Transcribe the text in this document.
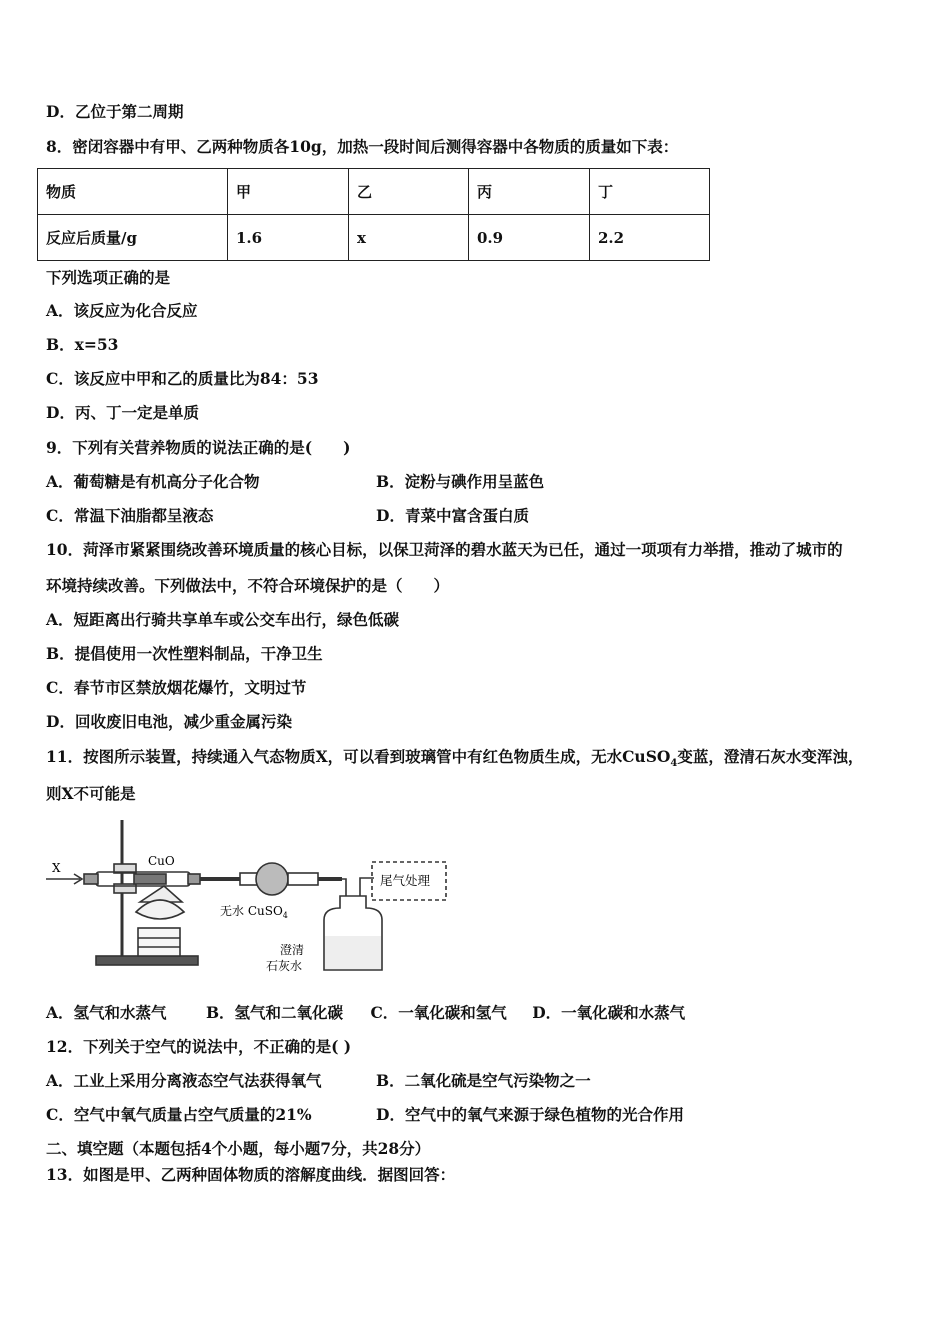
D．乙位于第二周期
8．密闭容器中有甲、乙两种物质各10g，加热一段时间后测得容器中各物质的质量如下表：
物质	甲	乙	丙	丁
反应后质量/g	1.6	x	0.9	2.2
下列选项正确的是
A．该反应为化合反应
B．x=53
C．该反应中甲和乙的质量比为84：53
D．丙、丁一定是单质
9．下列有关营养物质的说法正确的是(　　)
A．葡萄糖是有机高分子化合物	B．淀粉与碘作用呈蓝色
C．常温下油脂都呈液态	D．青菜中富含蛋白质
10．菏泽市紧紧围绕改善环境质量的核心目标，以保卫菏泽的碧水蓝天为已任，通过一项项有力举措，推动了城市的
环境持续改善。下列做法中，不符合环境保护的是（　　）
A．短距离出行骑共享单车或公交车出行，绿色低碳
B．提倡使用一次性塑料制品，干净卫生
C．春节市区禁放烟花爆竹，文明过节
D．回收废旧电池，减少重金属污染
11．按图所示装置，持续通入气态物质X，可以看到玻璃管中有红色物质生成，无水CuSO$_4$变蓝，澄清石灰水变浑浊，
则X不可能是
X	CuO
无水 CuSO$_4$
尾气处理
澄清
石灰水
A．氢气和水蒸气	B．氢气和二氧化碳 C．一氧化碳和氢气 D．一氧化碳和水蒸气
12．下列关于空气的说法中，不正确的是( )
A．工业上采用分离液态空气法获得氧气	B．二氧化硫是空气污染物之一
C．空气中氧气质量占空气质量的21%	D．空气中的氧气来源于绿色植物的光合作用
二、填空题（本题包括4个小题，每小题7分，共28分）
13．如图是甲、乙两种固体物质的溶解度曲线．据图回答：
